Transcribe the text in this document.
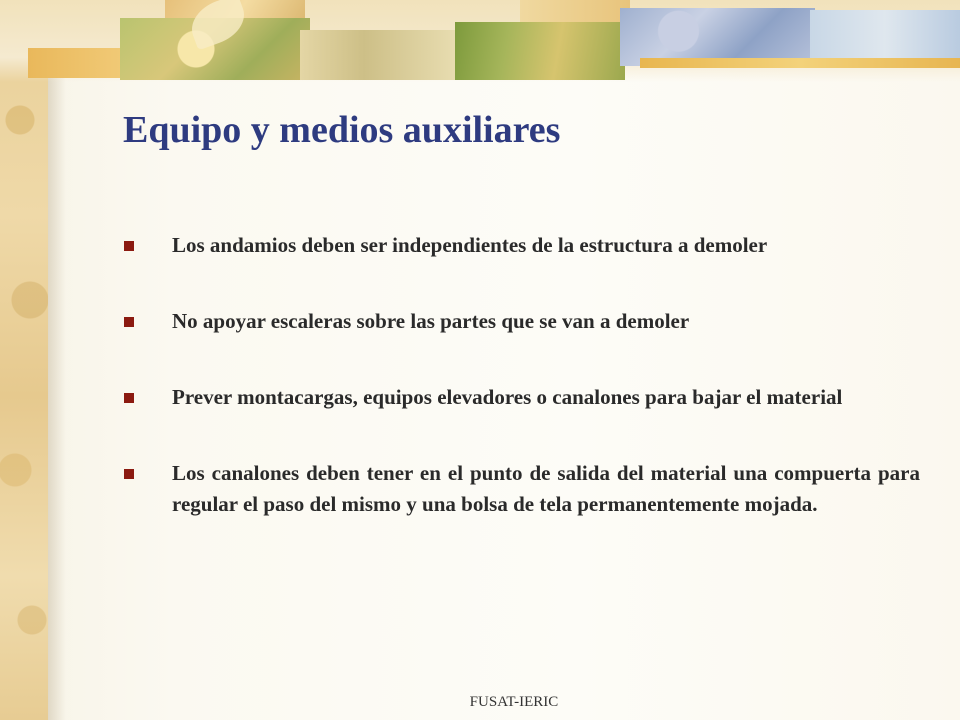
Equipo y medios auxiliares
Los andamios deben ser independientes de la estructura a demoler
No apoyar escaleras sobre las partes que se van a demoler
Prever montacargas, equipos elevadores o canalones para bajar el material
Los canalones deben tener en el punto de salida del material una compuerta para regular el paso del mismo y una bolsa de tela permanentemente mojada.
FUSAT-IERIC
